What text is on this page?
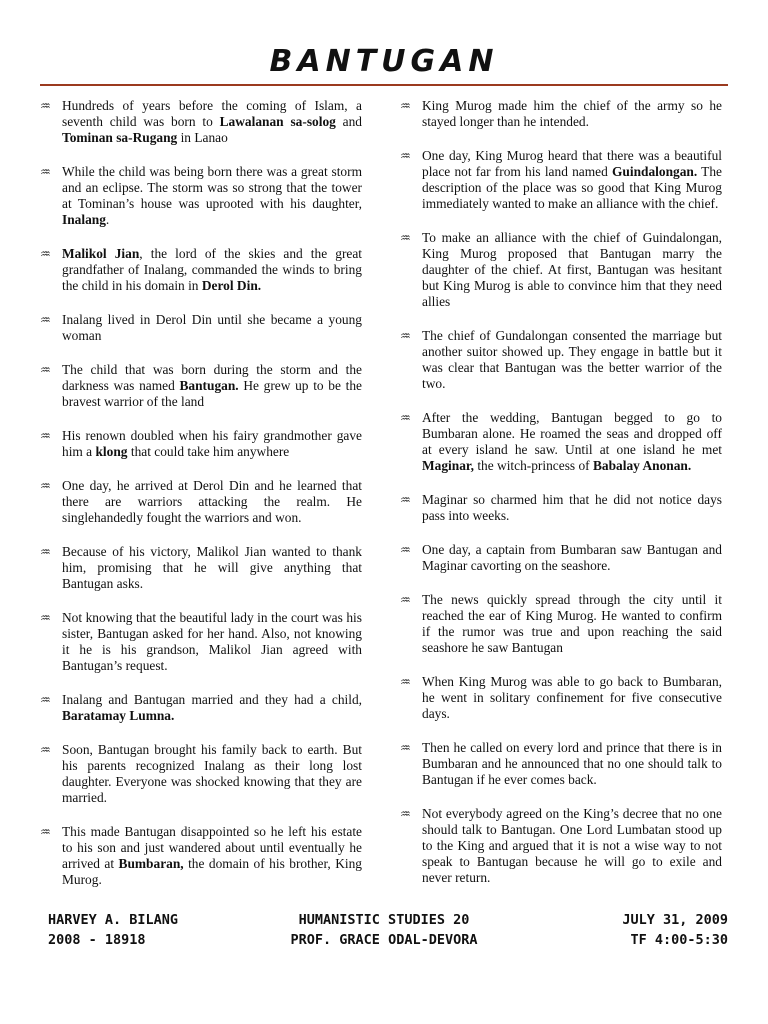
BANTUGAN
♒ Hundreds of years before the coming of Islam, a seventh child was born to Lawalanan sa-solog and Tominan sa-Rugang in Lanao
♒ While the child was being born there was a great storm and an eclipse. The storm was so strong that the tower at Tominan’s house was uprooted with his daughter, Inalang.
♒ Malikol Jian, the lord of the skies and the great grandfather of Inalang, commanded the winds to bring the child in his domain in Derol Din.
♒ Inalang lived in Derol Din until she became a young woman
♒ The child that was born during the storm and the darkness was named Bantugan. He grew up to be the bravest warrior of the land
♒ His renown doubled when his fairy grandmother gave him a klong that could take him anywhere
♒ One day, he arrived at Derol Din and he learned that there are warriors attacking the realm. He singlehandedly fought the warriors and won.
♒ Because of his victory, Malikol Jian wanted to thank him, promising that he will give anything that Bantugan asks.
♒ Not knowing that the beautiful lady in the court was his sister, Bantugan asked for her hand. Also, not knowing it he is his grandson, Malikol Jian agreed with Bantugan’s request.
♒ Inalang and Bantugan married and they had a child, Baratamay Lumna.
♒ Soon, Bantugan brought his family back to earth. But his parents recognized Inalang as their long lost daughter. Everyone was shocked knowing that they are married.
♒ This made Bantugan disappointed so he left his estate to his son and just wandered about until eventually he arrived at Bumbaran, the domain of his brother, King Murog.
♒ King Murog made him the chief of the army so he stayed longer than he intended.
♒ One day, King Murog heard that there was a beautiful place not far from his land named Guindalongan. The description of the place was so good that King Murog immediately wanted to make an alliance with the chief.
♒ To make an alliance with the chief of Guindalongan, King Murog proposed that Bantugan marry the daughter of the chief. At first, Bantugan was hesitant but King Murog is able to convince him that they need allies
♒ The chief of Gundalongan consented the marriage but another suitor showed up. They engage in battle but it was clear that Bantugan was the better warrior of the two.
♒ After the wedding, Bantugan begged to go to Bumbaran alone. He roamed the seas and dropped off at every island he saw. Until at one island he met Maginar, the witch-princess of Babalay Anonan.
♒ Maginar so charmed him that he did not notice days pass into weeks.
♒ One day, a captain from Bumbaran saw Bantugan and Maginar cavorting on the seashore.
♒ The news quickly spread through the city until it reached the ear of King Murog. He wanted to confirm if the rumor was true and upon reaching the said seashore he saw Bantugan
♒ When King Murog was able to go back to Bumbaran, he went in solitary confinement for five consecutive days.
♒ Then he called on every lord and prince that there is in Bumbaran and he announced that no one should talk to Bantugan if he ever comes back.
♒ Not everybody agreed on the King’s decree that no one should talk to Bantugan. One Lord Lumbatan stood up to the King and argued that it is not a wise way to not speak to Bantugan because he will go to exile and never return.
HARVEY A. BILANG
2008 - 18918
HUMANISTIC STUDIES 20
PROF. GRACE ODAL-DEVORA
JULY 31, 2009
TF 4:00-5:30
